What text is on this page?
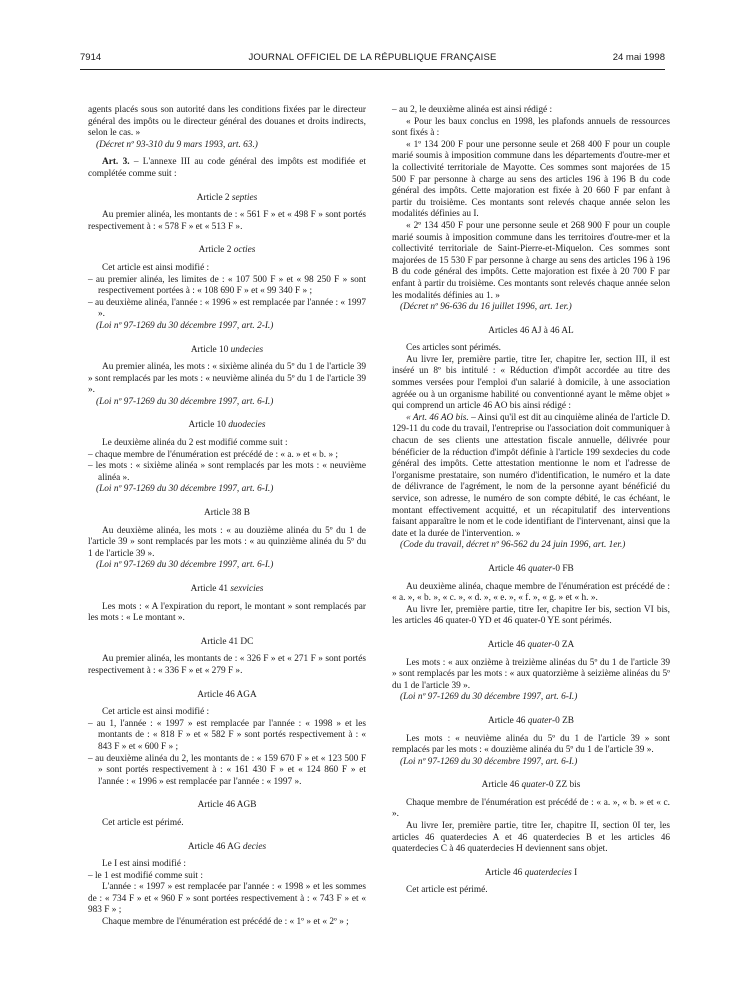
7914	JOURNAL OFFICIEL DE LA RÉPUBLIQUE FRANÇAISE	24 mai 1998

agents placés sous son autorité dans les conditions fixées par le directeur général des impôts ou le directeur général des douanes et droits indirects, selon le cas. »

(Décret nº 93-310 du 9 mars 1993, art. 63.)

Art. 3. – L'annexe III au code général des impôts est modifiée et complétée comme suit :

Article 2 septies

Au premier alinéa, les montants de : « 561 F » et « 498 F » sont portés respectivement à : « 578 F » et « 513 F ».

Article 2 octies

Cet article est ainsi modifié :

– au premier alinéa, les limites de : « 107 500 F » et « 98 250 F » sont respectivement portées à : « 108 690 F » et « 99 340 F » ;

– au deuxième alinéa, l'année : « 1996 » est remplacée par l'année : « 1997 ».

(Loi nº 97-1269 du 30 décembre 1997, art. 2-I.)

Article 10 undecies

Au premier alinéa, les mots : « sixième alinéa du 5º du 1 de l'article 39 » sont remplacés par les mots : « neuvième alinéa du 5º du 1 de l'article 39 ».

(Loi nº 97-1269 du 30 décembre 1997, art. 6-I.)

Article 10 duodecies

Le deuxième alinéa du 2 est modifié comme suit :

– chaque membre de l'énumération est précédé de : « a. » et « b. » ;

– les mots : « sixième alinéa » sont remplacés par les mots : « neuvième alinéa ».

(Loi nº 97-1269 du 30 décembre 1997, art. 6-I.)

Article 38 B

Au deuxième alinéa, les mots : « au douzième alinéa du 5º du 1 de l'article 39 » sont remplacés par les mots : « au quinzième alinéa du 5º du 1 de l'article 39 ».

(Loi nº 97-1269 du 30 décembre 1997, art. 6-I.)

Article 41 sexvicies

Les mots : « A l'expiration du report, le montant » sont remplacés par les mots : « Le montant ».

Article 41 DC

Au premier alinéa, les montants de : « 326 F » et « 271 F » sont portés respectivement à : « 336 F » et « 279 F ».

Article 46 AGA

Cet article est ainsi modifié :

– au 1, l'année : « 1997 » est remplacée par l'année : « 1998 » et les montants de : « 818 F » et « 582 F » sont portés respectivement à : « 843 F » et « 600 F » ;

– au deuxième alinéa du 2, les montants de : « 159 670 F » et « 123 500 F » sont portés respectivement à : « 161 430 F » et « 124 860 F » et l'année : « 1996 » est remplacée par l'année : « 1997 ».

Article 46 AGB

Cet article est périmé.

Article 46 AG decies

Le I est ainsi modifié :

– le 1 est modifié comme suit :

L'année : « 1997 » est remplacée par l'année : « 1998 » et les sommes de : « 734 F » et « 960 F » sont portées respectivement à : « 743 F » et « 983 F » ;

Chaque membre de l'énumération est précédé de : « 1º » et « 2º » ;

– au 2, le deuxième alinéa est ainsi rédigé :

« Pour les baux conclus en 1998, les plafonds annuels de ressources sont fixés à :

« 1º 134 200 F pour une personne seule et 268 400 F pour un couple marié soumis à imposition commune dans les départements d'outre-mer et la collectivité territoriale de Mayotte. Ces sommes sont majorées de 15 500 F par personne à charge au sens des articles 196 à 196 B du code général des impôts. Cette majoration est fixée à 20 660 F par enfant à partir du troisième. Ces montants sont relevés chaque année selon les modalités définies au I.

« 2º 134 450 F pour une personne seule et 268 900 F pour un couple marié soumis à imposition commune dans les territoires d'outre-mer et la collectivité territoriale de Saint-Pierre-et-Miquelon. Ces sommes sont majorées de 15 530 F par personne à charge au sens des articles 196 à 196 B du code général des impôts. Cette majoration est fixée à 20 700 F par enfant à partir du troisième. Ces montants sont relevés chaque année selon les modalités définies au 1. »

(Décret nº 96-636 du 16 juillet 1996, art. 1er.)

Articles 46 AJ à 46 AL

Ces articles sont périmés.

Au livre Ier, première partie, titre Ier, chapitre Ier, section III, il est inséré un 8º bis intitulé : « Réduction d'impôt accordée au titre des sommes versées pour l'emploi d'un salarié à domicile, à une association agréée ou à un organisme habilité ou conventionné ayant le même objet » qui comprend un article 46 AO bis ainsi rédigé :

« Art. 46 AO bis. – Ainsi qu'il est dit au cinquième alinéa de l'article D. 129-11 du code du travail, l'entreprise ou l'association doit communiquer à chacun de ses clients une attestation fiscale annuelle, délivrée pour bénéficier de la réduction d'impôt définie à l'article 199 sexdecies du code général des impôts. Cette attestation mentionne le nom et l'adresse de l'organisme prestataire, son numéro d'identification, le numéro et la date de délivrance de l'agrément, le nom de la personne ayant bénéficié du service, son adresse, le numéro de son compte débité, le cas échéant, le montant effectivement acquitté, et un récapitulatif des interventions faisant apparaître le nom et le code identifiant de l'intervenant, ainsi que la date et la durée de l'intervention. »

(Code du travail, décret nº 96-562 du 24 juin 1996, art. 1er.)

Article 46 quater-0 FB

Au deuxième alinéa, chaque membre de l'énumération est précédé de : « a. », « b. », « c. », « d. », « e. », « f. », « g. » et « h. ».

Au livre Ier, première partie, titre Ier, chapitre Ier bis, section VI bis, les articles 46 quater-0 YD et 46 quater-0 YE sont périmés.

Article 46 quater-0 ZA

Les mots : « aux onzième à treizième alinéas du 5º du 1 de l'article 39 » sont remplacés par les mots : « aux quatorzième à seizième alinéas du 5º du 1 de l'article 39 ».

(Loi nº 97-1269 du 30 décembre 1997, art. 6-I.)

Article 46 quater-0 ZB

Les mots : « neuvième alinéa du 5º du 1 de l'article 39 » sont remplacés par les mots : « douzième alinéa du 5º du 1 de l'article 39 ».

(Loi nº 97-1269 du 30 décembre 1997, art. 6-I.)

Article 46 quater-0 ZZ bis

Chaque membre de l'énumération est précédé de : « a. », « b. » et « c. ».

Au livre Ier, première partie, titre Ier, chapitre II, section 0I ter, les articles 46 quaterdecies A et 46 quaterdecies B et les articles 46 quaterdecies C à 46 quaterdecies H deviennent sans objet.

Article 46 quaterdecies I

Cet article est périmé.
